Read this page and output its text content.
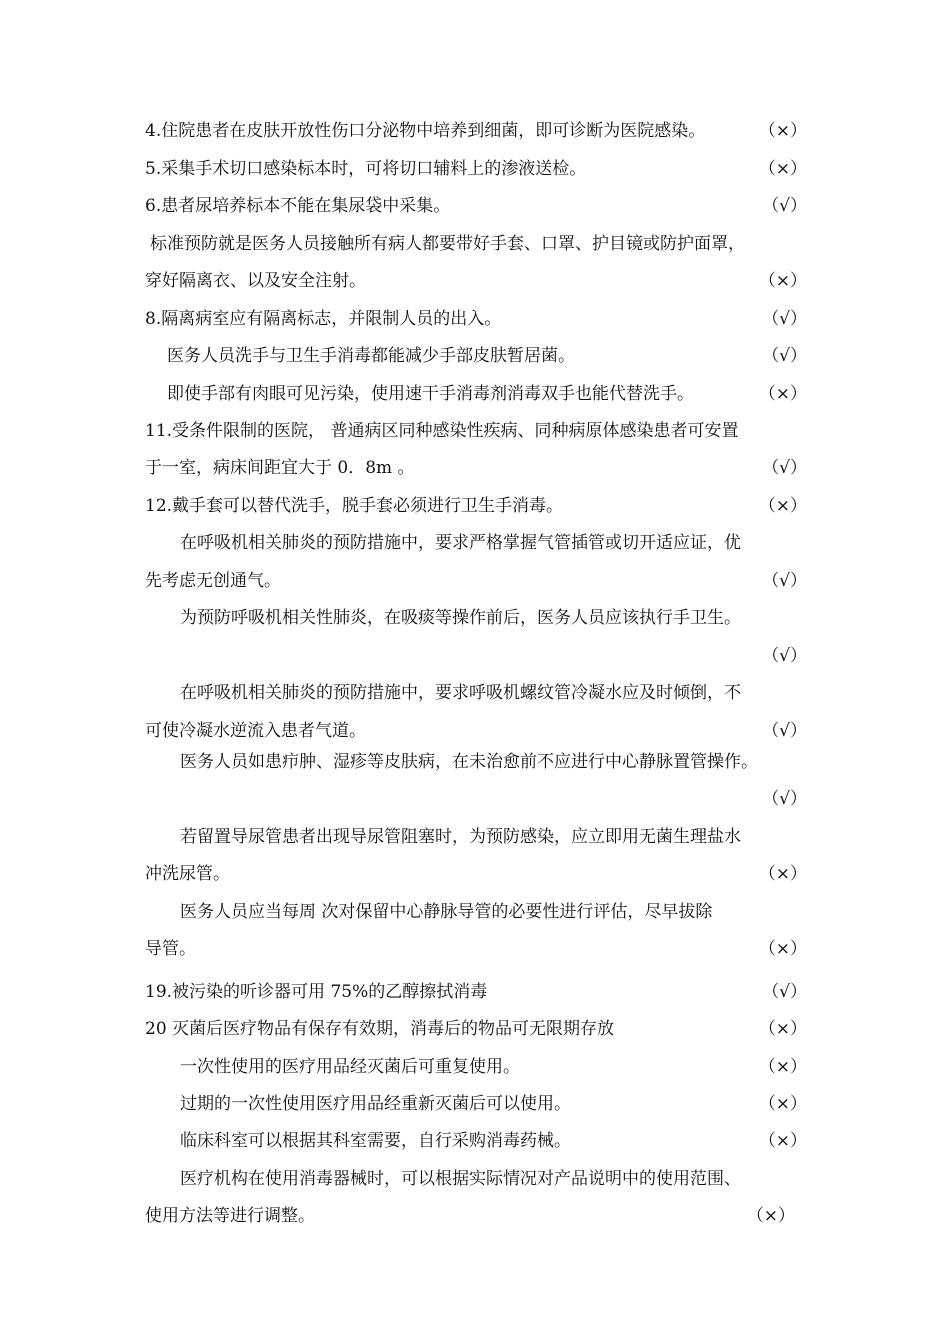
4.住院患者在皮肤开放性伤口分泌物中培养到细菌，即可诊断为医院感染。	（×）
5.采集手术切口感染标本时，可将切口辅料上的渗液送检。	（×）
6.患者尿培养标本不能在集尿袋中采集。	（√）
标准预防就是医务人员接触所有病人都要带好手套、口罩、护目镜或防护面罩，
穿好隔离衣、以及安全注射。	（×）
8.隔离病室应有隔离标志，并限制人员的出入。	（√）
医务人员洗手与卫生手消毒都能减少手部皮肤暂居菌。	（√）
即使手部有肉眼可见污染，使用速干手消毒剂消毒双手也能代替洗手。	（×）
11.受条件限制的医院， 普通病区同种感染性疾病、同种病原体感染患者可安置
于一室，病床间距宜大于 0．8m 。	（√）
12.戴手套可以替代洗手，脱手套必须进行卫生手消毒。	（×）
在呼吸机相关肺炎的预防措施中，要求严格掌握气管插管或切开适应证，优
先考虑无创通气。	（√）
为预防呼吸机相关性肺炎，在吸痰等操作前后，医务人员应该执行手卫生。
（√）
在呼吸机相关肺炎的预防措施中，要求呼吸机螺纹管冷凝水应及时倾倒，不
可使冷凝水逆流入患者气道。	（√）
医务人员如患疖肿、湿疹等皮肤病，在未治愈前不应进行中心静脉置管操作。
（√）
若留置导尿管患者出现导尿管阻塞时，为预防感染，应立即用无菌生理盐水
冲洗尿管。	（×）
医务人员应当每周 次对保留中心静脉导管的必要性进行评估，尽早拔除
导管。	（×）
19.被污染的听诊器可用 75%的乙醇擦拭消毒	（√）
20 灭菌后医疗物品有保存有效期，消毒后的物品可无限期存放	（×）
一次性使用的医疗用品经灭菌后可重复使用。	（×）
过期的一次性使用医疗用品经重新灭菌后可以使用。	（×）
临床科室可以根据其科室需要，自行采购消毒药械。	（×）
医疗机构在使用消毒器械时，可以根据实际情况对产品说明中的使用范围、
使用方法等进行调整。	（×）
